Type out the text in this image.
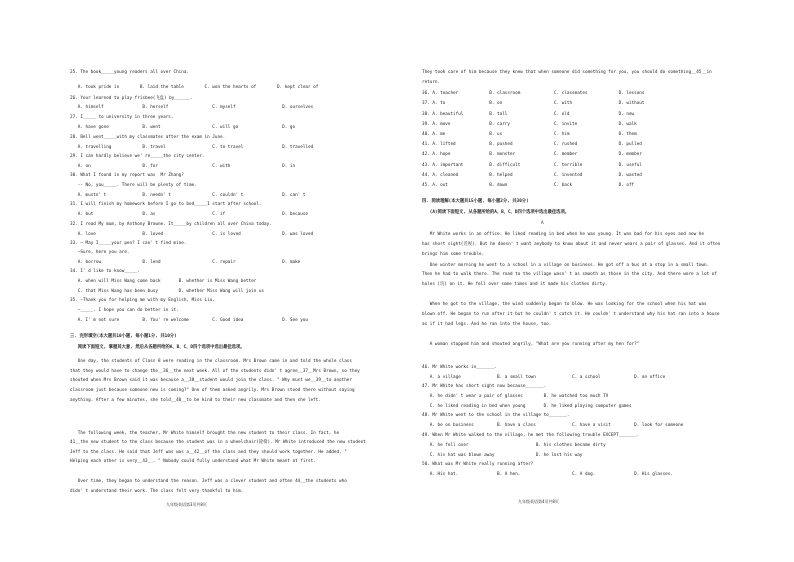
25. The book_____young readers all over China.
A. took pride in        B. laid the table        C. won the hearts of        D. kept clear of
26. Your learned to play frisbee(飞盘) by______.
A. himself               B. herself                 C. myself                  D. ourselves
27. I_____ to university in three years.
A. have gone             B. went                    C. will go                 D. go
28. Bell went_____with my classmates after the exam in June.
A. travelling            B. travel                  C. to travel               D. travelled
29. I can hardly believe we' re_____the city center.
A. on                    B. for                     C. with                    D. in
30. What I found in my report was  Mr Zhang?
-- No, you_____. There will be plenty of time.
A. mustn' t              B. needn' t                C. couldn' t               D. can' t
31. I will finish my homework before I go to bed_____I start after school.
A. but                   B. as                      C. if                      D. because
32. I read My mum, by Anthony Browne. It_____by children all over China today.
A. love                  B. loved                   C. is loved                D. was loved
33. — May I_____your pen? I can' t find mine.
—Sure, here you are.
A. borrow                B. lend                    C. repair                  D. make
34. I' d like to know_____.
A. when will Miss Wang come back       B. whether is Miss Wang better
C. that Miss Wang has been busy        D. whether Miss Wang will join us
35. —Thank you for helping me with my English, Miss Liu.
—_____. I hope you can do better in it.
A. I' m not sure         B. You' re welcome         C. Good idea               D. See you
三. 完形填空(本大题共10小题, 每小题1分, 共10分)
阅读下面短文, 掌握其大意, 然后从各题所给的A、B、C、D四个选项中选出最佳选项。
One day, the students of Class 8 were reading in the classroom. Mrs Brown came in and told the whole class
that they would have to change the__36__the next week. All of the students didn' t agree__37__Mrs Brown, so they
shouted when Mrs Brown said it was because a__38__student would join the class. " Why must we__39__to another
classroom just because someone new is coming?" One of them asked angrily. Mrs Brown stood there without saying
anything. After a few minutes, she told__40__to be kind to their new classmate and then she left.
The following week, the teacher, Mr White himself brought the new student to their class. In fact, he
41__the new student to the class because the student was in a wheelchair(轮椅). Mr White introduced the new student
Jeff to the class. He said that Jeff was was a__42__of the class and they should work together. He added, "
Helping each other is very__43__. " Nobody could fully understand what Mr White meant at first.
Over time, they began to understand the reason. Jeff was a clever student and often 44__the students who
didn' t understand their work. The class felt very thankful to him.
九年级英语第3页共8页
They took care of him because they knew that when someone did something for you, you should do something__45__in
return.
36. A. teacher            B. classroom             C. classmates            D. lessons
37. A. to                 B. on                    C. with                  D. without
38. A. beautiful          B. tall                  C. old                   D. new
39. A. move               B. carry                 C. invite                D. walk
40. A. me                 B. us                    C. him                   D. them
41. A. lifted             B. pushed                C. rushed                D. pulled
42. A. hope               B. monster               C. member                D. member
43. A. important          B. difficult             C. terrible              D. useful
44. A. cleaned            B. helped                C. invented              D. wasted
45. A. out                B. down                  C. back                  D. off
四. 阅读理解(本大题共15小题, 每小题2分, 共30分)
(A)阅读下面短文, 从各题所给的A、B、C、D四个选项中选出最佳选项。
A
Mr White works in an office. He liked reading in bed when he was young. It was bad for his eyes and now he
has short sight(近视). But he doesn' t want anybody to know about it and never wears a pair of glasses. And it often
brings him some trouble.
One winter morning he went to a school in a village on business. He got off a bus at a stop in a small town.
Then he had to walk there. The road to the village wasn' t as smooth as those in the city. And there were a lot of
holes (坑) on it. He fell over some times and it made his clothes dirty.
When he got to the village, the wind suddenly began to blow. He was looking for the school when his hat was
blown off. He began to run after it but he couldn' t catch it. He couldn' t understand why his hat ran into a house
as if it had legs. And he ran into the house, too.
A woman stopped him and shouted angrily, "What are you running after my hen for?"
46. Mr White works in_______.
A. a village              B. a small town              C. a school             D. an office
47. Mr White has short sight now because_______.
A. he didn' t wear a pair of glasses        B. he watched too much TV
C. he liked reading in bed when young       D. he liked playing computer games
48. Mr White went to the school in the village to_______.
A. be on business         B. have a class              C. have a visit         D. look for someone
49. When Mr White walked to the village, he met the following trouble EXCEPT_______.
A. he fell over                          B. his clothes became dirty
C. his hat was blown away                D. he lost his way
50. What was Mr White really running after?
A. His hat.               B. A hen.                    C. A dog.               D. His glasses.
九年级英语第4页共8页
